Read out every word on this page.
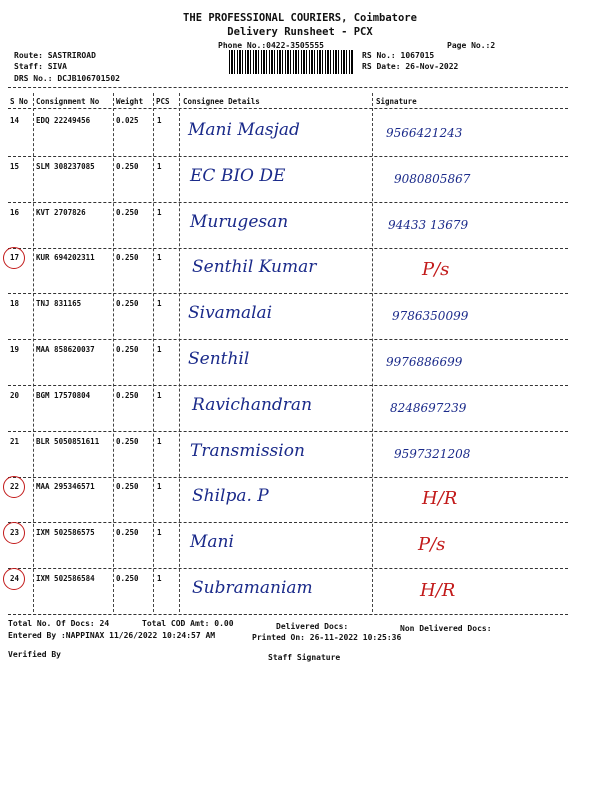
THE PROFESSIONAL COURIERS, Coimbatore
Delivery Runsheet - PCX
Phone No.:0422-3505555	Page No.:2
Route: SASTRIROAD
Staff: SIVA
DRS No.: DCJB106701502
RS No.: 1067015
RS Date: 26-Nov-2022
S No Consignment No Weight PCS Consignee Details	Signature
14 EDQ 22249456	0.025 1 Mani Masjad	9566421243
15 SLM 308237085	0.250 1 EC BIO DE	9080805867
16 KVT 2707826	0.250 1 Murugesan	94433 13679
17 KUR 694202311	0.250 1 Senthil Kumar	P/s
18 TNJ 831165	0.250 1 Sivamalai	9786350099
19 MAA 858620037	0.250 1 Senthil	9976886699
20 BGM 17570804	0.250 1 Ravichandran	8248697239
21 BLR 5050851611 0.250 1 Transmission	9597321208
22 MAA 295346571	0.250 1 Shilpa. P	H/R
23 IXM 502586575	0.250 1 Mani	P/s
24 IXM 502586584	0.250 1 Subramaniam	H/R
Total No. Of Docs: 24	Total COD Amt: 0.00	Delivered Docs:	Non Delivered Docs:
Entered By :NAPPINAX 11/26/2022 10:24:57 AM	Printed On: 26-11-2022 10:25:36
Verified By	Staff Signature
